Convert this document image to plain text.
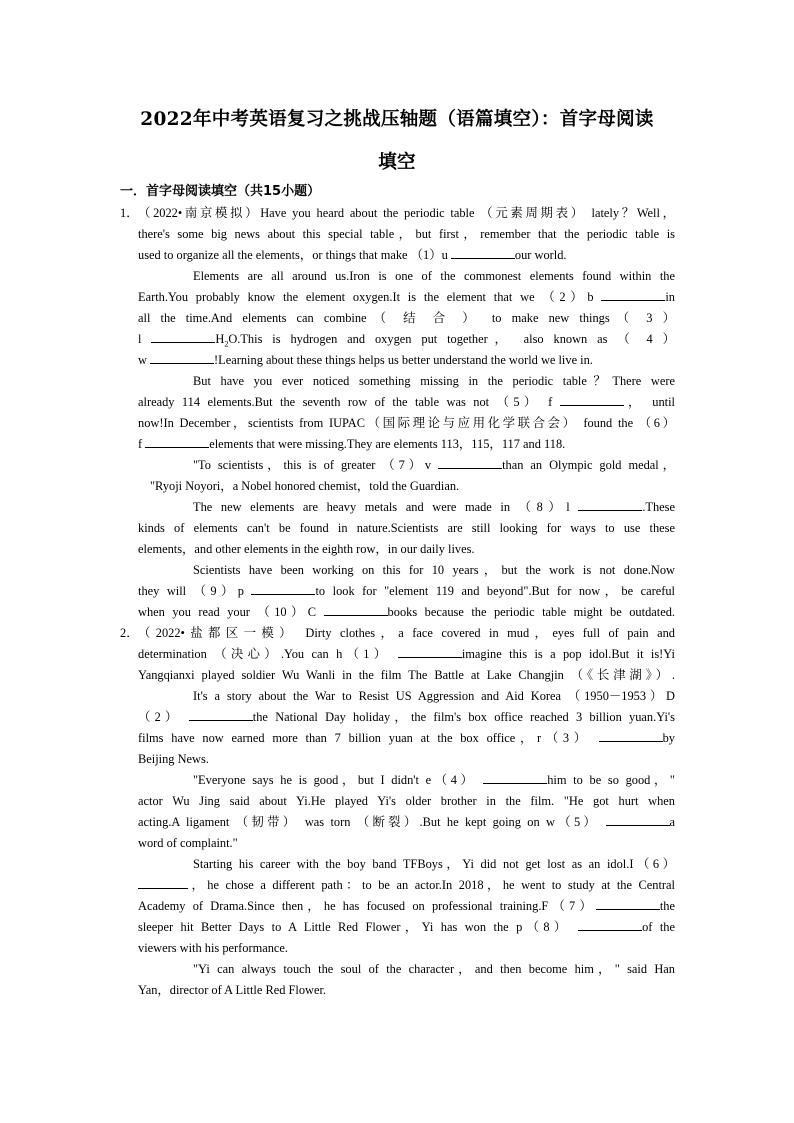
2022年中考英语复习之挑战压轴题（语篇填空）：首字母阅读
填空
一．首字母阅读填空（共15小题）
1． （2022•南京模拟）Have you heard about the periodic table （元素周期表） lately？Well，
there's some big news about this special table，but first，remember that the periodic table is
used to organize all the elements，or things that make （1）u	our world.
Elements are all around us.Iron is one of the commonest elements found within the
Earth.You probably know the element oxygen.It is the element that we （2）b	in
all the time.And elements can combine（ 结 合 ） to make new things（ 3 ）
l	$H_2O.This$ is hydrogen and oxygen put together， also known as （ 4 ）
w	!Learning about these things helps us better understand the world we live in.
But have you ever noticed something missing in the periodic table？There were
already 114 elements.But the seventh row of the table was not （5） f	， until
now!In December，scientists from IUPAC（国际理论与应用化学联合会） found the （6）
f	elements that were missing.They are elements 113，115，117 and 118.
"To scientists，this is of greater （7）v	than an Olympic gold medal，
"Ryoji Noyori，a Nobel honored chemist，told the Guardian.
The new elements are heavy metals and were made in （8）l	.These
kinds of elements can't be found in nature.Scientists are still looking for ways to use these
elements，and other elements in the eighth row，in our daily lives.
Scientists have been working on this for 10 years，but the work is not done.Now
they will （9）p	to look for "element 119 and beyond".But for now，be careful
when you read your （10）C	books because the periodic table might be outdated.
2． （2022•盐都区一模） Dirty clothes，a face covered in mud，eyes full of pain and
determination （决心）.You can h（1）	imagine this is a pop idol.But it is!Yi
Yangqianxi played soldier Wu Wanli in the film The Battle at Lake Changjin （《长津湖》）.
It's a story about the War to Resist US Aggression and Aid Korea （1950－1953）D
（2）	the National Day holiday，the film's box office reached 3 billion yuan.Yi's
films have now earned more than 7 billion yuan at the box office，r（3）	by
Beijing News.
"Everyone says he is good，but I didn't e（4）	him to be so good，"
actor Wu Jing said about Yi.He played Yi's older brother in the film. "He got hurt when
acting.A ligament （韧带） was torn （断裂）.But he kept going on w（5）	a
word of complaint."
Starting his career with the boy band TFBoys，Yi did not get lost as an idol.I（6）
，he chose a different path：to be an actor.In 2018，he went to study at the Central
Academy of Drama.Since then，he has focused on professional training.F（7）	the
sleeper hit Better Days to A Little Red Flower，Yi has won the p（8）	of the
viewers with his performance.
"Yi can always touch the soul of the character，and then become him，" said Han
Yan，director of A Little Red Flower.
